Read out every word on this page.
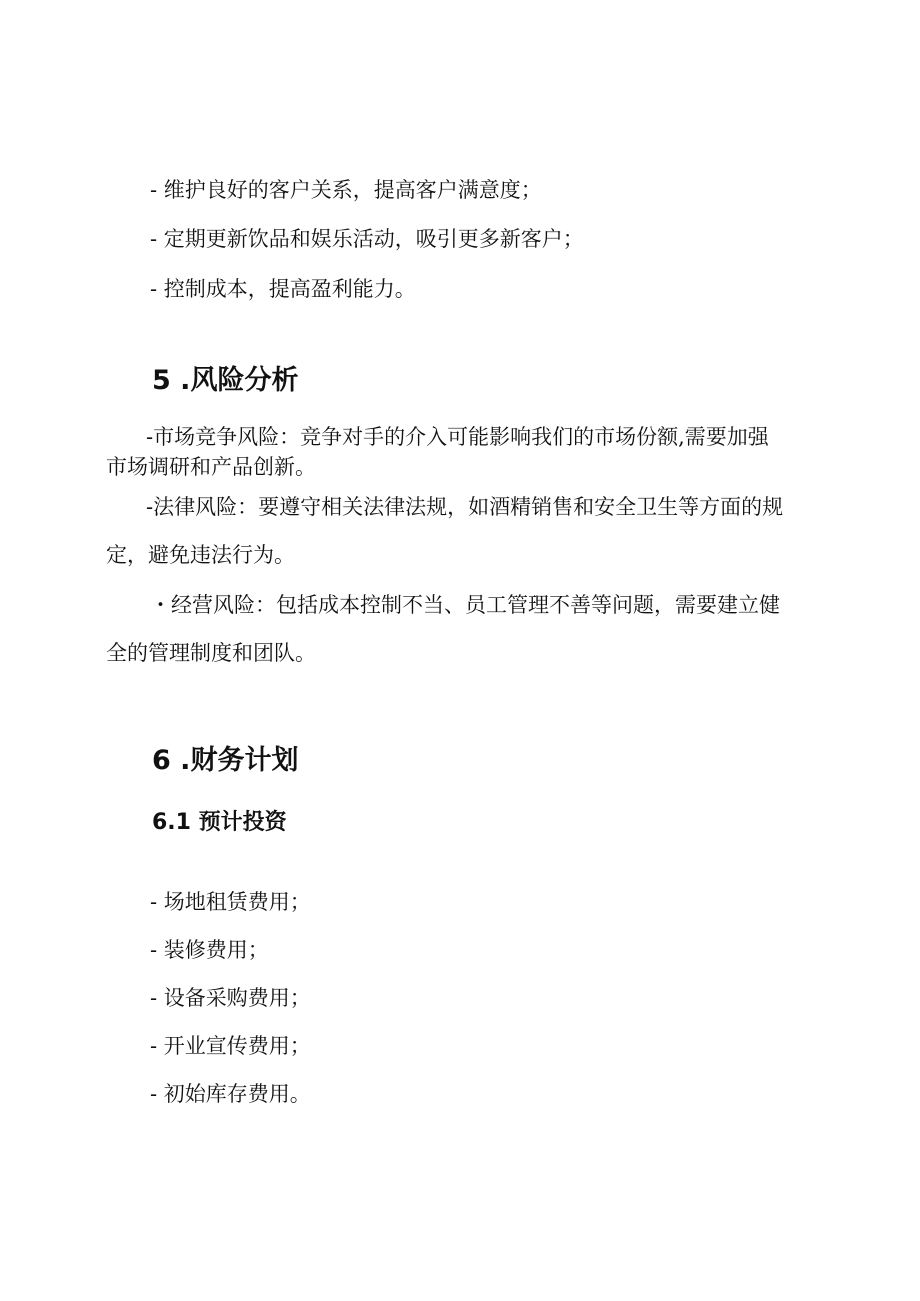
- 维护良好的客户关系，提高客户满意度；
- 定期更新饮品和娱乐活动，吸引更多新客户；
- 控制成本，提高盈利能力。
5 .风险分析
-市场竞争风险：竞争对手的介入可能影响我们的市场份额,需要加强
市场调研和产品创新。
-法律风险：要遵守相关法律法规，如酒精销售和安全卫生等方面的规
定，避免违法行为。
・经营风险：包括成本控制不当、员工管理不善等问题，需要建立健
全的管理制度和团队。
6 .财务计划
6.1 预计投资
- 场地租赁费用；
- 装修费用；
- 设备采购费用；
- 开业宣传费用；
- 初始库存费用。
